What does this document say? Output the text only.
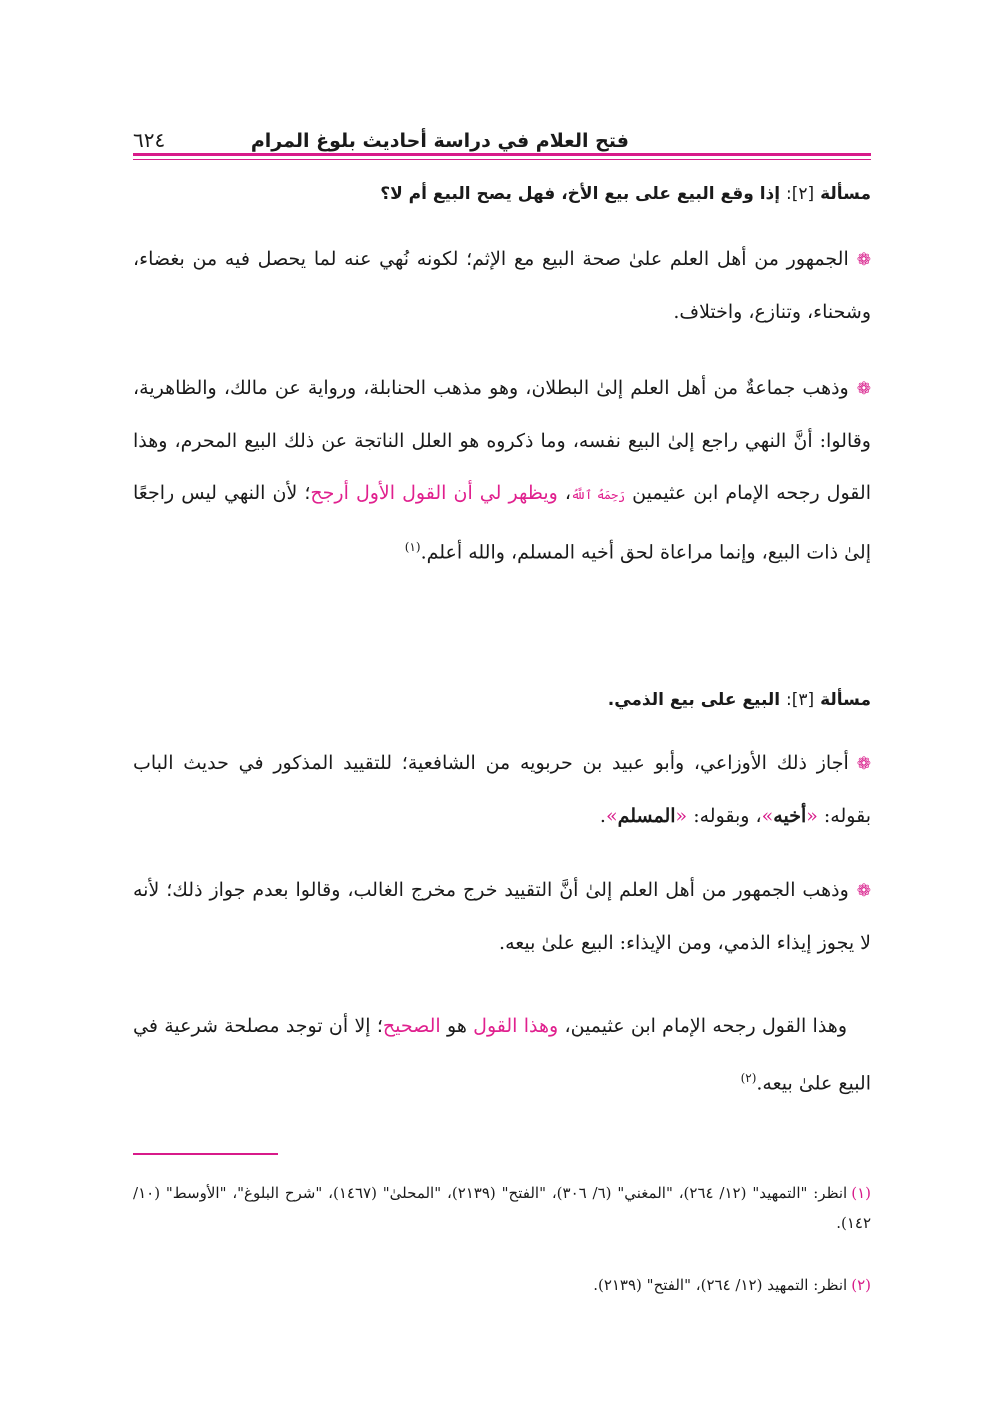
فتح العلام في دراسة أحاديث بلوغ المرام
٦٢٤
مسألة [٢]: إذا وقع البيع على بيع الأخ، فهل يصح البيع أم لا؟
❁الجمهور من أهل العلم علىٰ صحة البيع مع الإثم؛ لكونه نُهي عنه لما يحصل فيه من بغضاء، وشحناء، وتنازع، واختلاف.
❁وذهب جماعةٌ من أهل العلم إلىٰ البطلان، وهو مذهب الحنابلة، ورواية عن مالك، والظاهرية، وقالوا: أنَّ النهي راجع إلىٰ البيع نفسه، وما ذكروه هو العلل الناتجة عن ذلك البيع المحرم، وهذا القول رجحه الإمام ابن عثيمين رَحِمَهُ ٱللَّهُ، ويظهر لي أن القول الأول أرجح؛ لأن النهي ليس راجعًا إلىٰ ذات البيع، وإنما مراعاة لحق أخيه المسلم، والله أعلم.$^{(١)}$
مسألة [٣]: البيع على بيع الذمي.
❁أجاز ذلك الأوزاعي، وأبو عبيد بن حربويه من الشافعية؛ للتقييد المذكور في حديث الباب بقوله: «أخيه»، وبقوله: «المسلم».
❁وذهب الجمهور من أهل العلم إلىٰ أنَّ التقييد خرج مخرج الغالب، وقالوا بعدم جواز ذلك؛ لأنه لا يجوز إيذاء الذمي، ومن الإيذاء: البيع علىٰ بيعه.
وهذا القول رجحه الإمام ابن عثيمين، وهذا القول هو الصحيح؛ إلا أن توجد مصلحة شرعية في البيع علىٰ بيعه.$^{(٢)}$
(١)انظر: "التمهيد" (١٢/ ٢٦٤)، "المغني" (٦/ ٣٠٦)، "الفتح" (٢١٣٩)، "المحلىٰ" (١٤٦٧)، "شرح البلوغ"، "الأوسط" (١٠/ ١٤٢).
(٢)انظر: التمهيد (١٢/ ٢٦٤)، "الفتح" (٢١٣٩).
